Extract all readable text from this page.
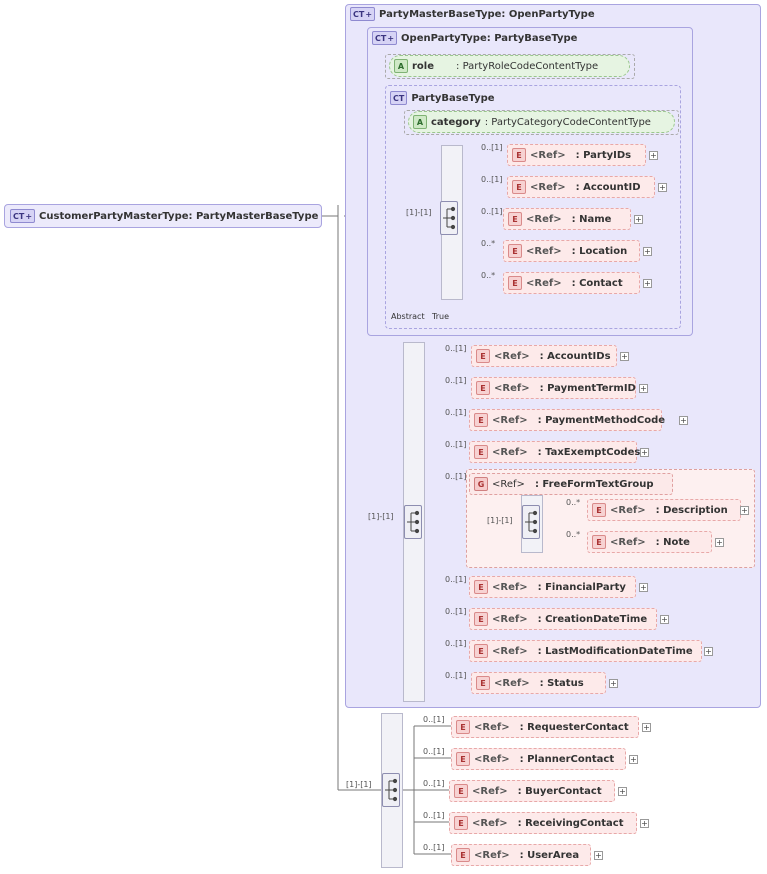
CT + CustomerPartyMasterType : PartyMasterBaseType
CT + PartyMasterBaseType : OpenPartyType
CT + OpenPartyType : PartyBaseType
A role : PartyRoleCodeContentType
CT PartyBaseType
A category : PartyCategoryCodeContentType
[1]-[1]
0..[1]
E <Ref> : PartyIDs +
0..[1]
E <Ref> : AccountID +
0..[1]
E <Ref> : Name	+
0..*
E <Ref> : Location +
0..*
E <Ref> : Contact	+
Abstract True
[1]-[1]
0..[1]
E <Ref> : AccountIDs +
0..[1]
E <Ref> : PaymentTermID +
0..[1]
E <Ref> : PaymentMethodCode +
0..[1]
E <Ref> : TaxExemptCodes +
0..[1]
G <Ref> : FreeFormTextGroup
[1]-[1]
0..*
E <Ref> : Description +
0..*
E <Ref> : Note	+
0..[1]
E <Ref> : FinancialParty +
0..[1]
E <Ref> : CreationDateTime +
0..[1]
E <Ref> : LastModificationDateTime +
0..[1]
E <Ref> : Status	+
[1]-[1]
0..[1]
E <Ref> : RequesterContact +
0..[1]
E <Ref> : PlannerContact +
0..[1]
E <Ref> : BuyerContact +
0..[1]
E <Ref> : ReceivingContact +
0..[1]
E <Ref> : UserArea +
